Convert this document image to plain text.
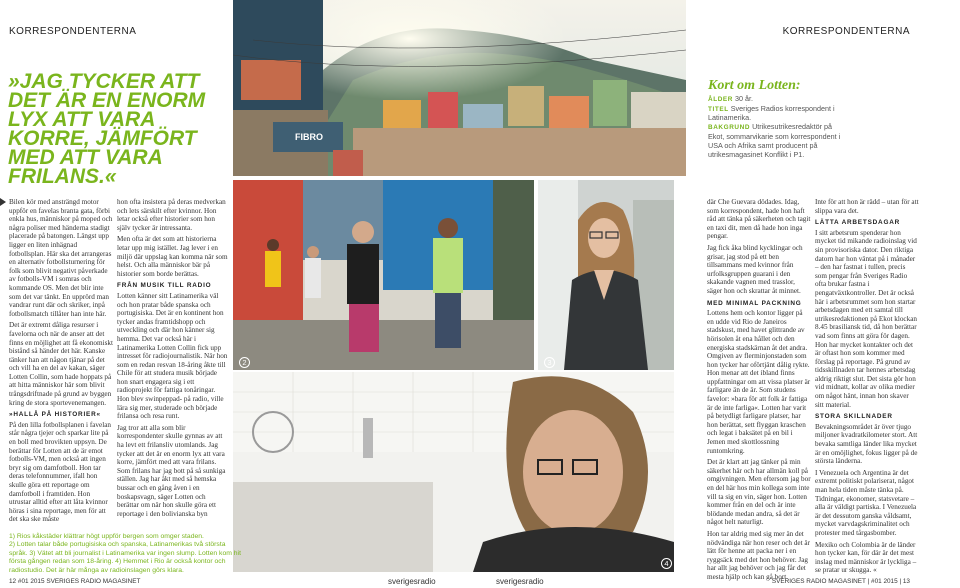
KORRESPONDENTERNA	KORRESPONDENTERNA
»JAG TYCKER ATT DET ÄR EN ENORM LYX ATT VARA KORRE, JÄMFÖRT MED ATT VARA FRILANS.«
FIBRO
Kort om Lotten:
ÅLDER 30 år.
TITEL Sveriges Radios korrespondent i Latinamerika.
BAKGRUND Utrikesutrikesredaktör på Ekot, sommarvikarie som korrespondent i USA och Afrika samt producent på utrikesmagasinet Konflikt i P1.

Bilen kör med ansträngd motor uppför en favelas branta gata, förbi enkla hus, människor på moped och några poliser med händerna stadigt placerade på batongen. Längst upp ligger en liten inhägnad fotbollsplan. Här ska det arrangeras en alternativ fotbollsturnering för folk som blivit negativt påverkade av fotbolls-VM i somras och kommande OS. Men det blir inte som det var tänkt. En upprörd man vandrar runt där och skriker, inpå fotbollsmatch tillåter han inte här.

Det är extremt dåliga resurser i favelorna och när de anser att det finns en möjlighet att få ekonomiskt bistånd så händer det här. Kanske tänker han att någon tjänar på det och vill ha en del av kakan, säger Lotten Collin, som hade hoppats på att hitta människor här som blivit trångsdriftnade på grund av byggen kring de stora sportevenemangen.

»HALLÅ PÅ HISTORIER«

På den lilla fotbollsplanen i favelan står några tjejer och sparkar lite på en boll med brovikten uppsyn. De berättar för Lotten att de är emot fotbolls-VM, men också att ingen bryr sig om damfotboll. Hon tar deras telefonnummer, ifall hon skulle göra ett reportage om damfotboll i framtiden. Hon utrustar alltid efter att låta kvinnor höras i sina reportage, men för att det ska ske måste

hon ofta insistera på deras medverkan och lets särskilt efter kvinnor. Hon letar också efter historier som hon själv tycker är intressanta.

Men ofta är det som att historierna letar upp mig istället. Jag lever i en miljö där uppslag kan komma när som helst. Och alla människor bär på historier som borde berättas.

FRÅN MUSIK TILL RADIO

Lotten känner sitt Latinamerika väl och hon pratar både spanska och portugisiska. Det är en kontinent hon tycker andas framtidshopp och utveckling och där hon känner sig hemma. Det var också här i Latinamerika Lotten Collin fick upp intresset för radiojournalistik. När hon som en redan resvan 18-åring åkte till Chile för att studera musik började hon snart engagera sig i ett radioprojekt för fattiga tonåringar. Hon blev swinpeppad- på radio, ville lära sig mer, studerade och började frilansa och resa runt.

Jag tror att alla som blir korrespondenter skulle gynnas av att ha levt ett frilansliv utomlands. Jag tycker att det är en enorm lyx att vara korre, jämfört med att vara frilans. Som frilans har jag bott på så sunkiga ställen. Jag har åkt med så hemska bussar och en gång åven i en boskapsvagn, säger Lotten och berättar om när hon skulle göra ett reportage i den bolivianska byn

2	3
4
1) Rios kåkstäder klättrar högt uppför bergen som omger staden.
2) Lotten talar både portugisiska och spanska, Latinamerikas två största språk. 3) Vätet att bli journalist i Latinamerika var ingen slump. Lotten kom hit första gången redan som 18-åring. 4) Hemmet i Rio är också kontor och radiostudio. Det är här många av radioinslagen görs klara.

där Che Guevara dödades. Idag, som korrespondent, hade hon haft råd att tänka på säkerheten och tagit en taxi dit, men då hade hon inga pengar.

Jag fick åka blind kycklingar och grisar, jag stod på ett ben tillsammans med kvinnor från urfolksgruppen guarani i den skakande vagnen med trasslor, säger hon och skrattar åt minnet.

MED MINIMAL PACKNING

Lottens hem och kontor ligger på en udde vid Rio de Janeiros stadskust, med havet glittrande av hörisolen åt ena hållet och den energiska stadskärnan åt det andra. Omgiven av flerminjonstaden som hon tycker har oförtjänt dålig rykte. Hon menar att det ibland finns uppfattningar om att vissa platser är farligare än de är. Som studens favelor: »bara för att folk är fattiga är de inte farliga«. Lotten har varit på betydligt farligare platser, har hon berättat, sett flyggan kraschen och legat i baksätet på en bil i Jemen med skottlossning runtomkring.

Det är klart att jag tänker på min säkerhet här och har allmän koll på omgivningen. Men eftersom jag bor en del här hos min kollega som inte vill ta sig en vin, säger hon. Lotten kommer från en del och är inte blödande medan andra, så det är något helt naturligt.

Hon tar aldrig med sig mer än det nödvändiga när hon reser och det är lätt för henne att packa ner i en ryggsäck med det hon behöver. Jag har allt jag behöver och jag får det mesta hjälp och kan gå bort.

Inte för att hon är rädd – utan för att slippa vara det.

LÄTTA ARBETSDAGAR

I sitt arbetsrum spenderar hon mycket tid mikande radioinslag vid sin provisoriska dator. Den riktiga datorn har hon väntat på i månader – den har fastnat i tullen, precis som pengar från Sveriges Radio ofta brukar fastna i pengatväxtkontroller. Det är också här i arbetsrummet som hon startar arbetsdagen med ett samtal till utrikesredaktionen på Ekot klockan 8.45 brasiliansk tid, då hon berättar vad som finns att göra för dagen. Hon har mycket kontakter och det är oftast hon som kommer med förslag på reportage. På grund av tidsskillnaden tar hennes arbetsdag aldrig riktigt slut. Det sista gör hon vid midnatt, kollar av olika medier om något hänt, innan hon skaver sitt material.

STORA SKILLNADER

Bevakningsområdet är över tjugo miljoner kvadratkilometer stort. Att bevaka samtliga länder lika mycket är en omöjlighet, fokus ligger på de största länderna.

I Venezuela och Argentina är det extremt politiskt polariserat, något man hela tiden måste tänka på. Tidningar, ekonomer, statsvetare – alla är väldigt partiska. I Venezuela är det dessutom ganska våldsamt, mycket varvdagskriminalitet och protester med tårgasbomber.

Mexiko och Colombia är de länder hon tycker kan, för där är det mest inslag med människor är lyckliga – se pratar ur skugga. «

12 #01 2015 SVERIGES RADIO MAGASINET	sverigesradio	sverigesradio	SVERIGES RADIO MAGASINET | #01 2015 | 13
